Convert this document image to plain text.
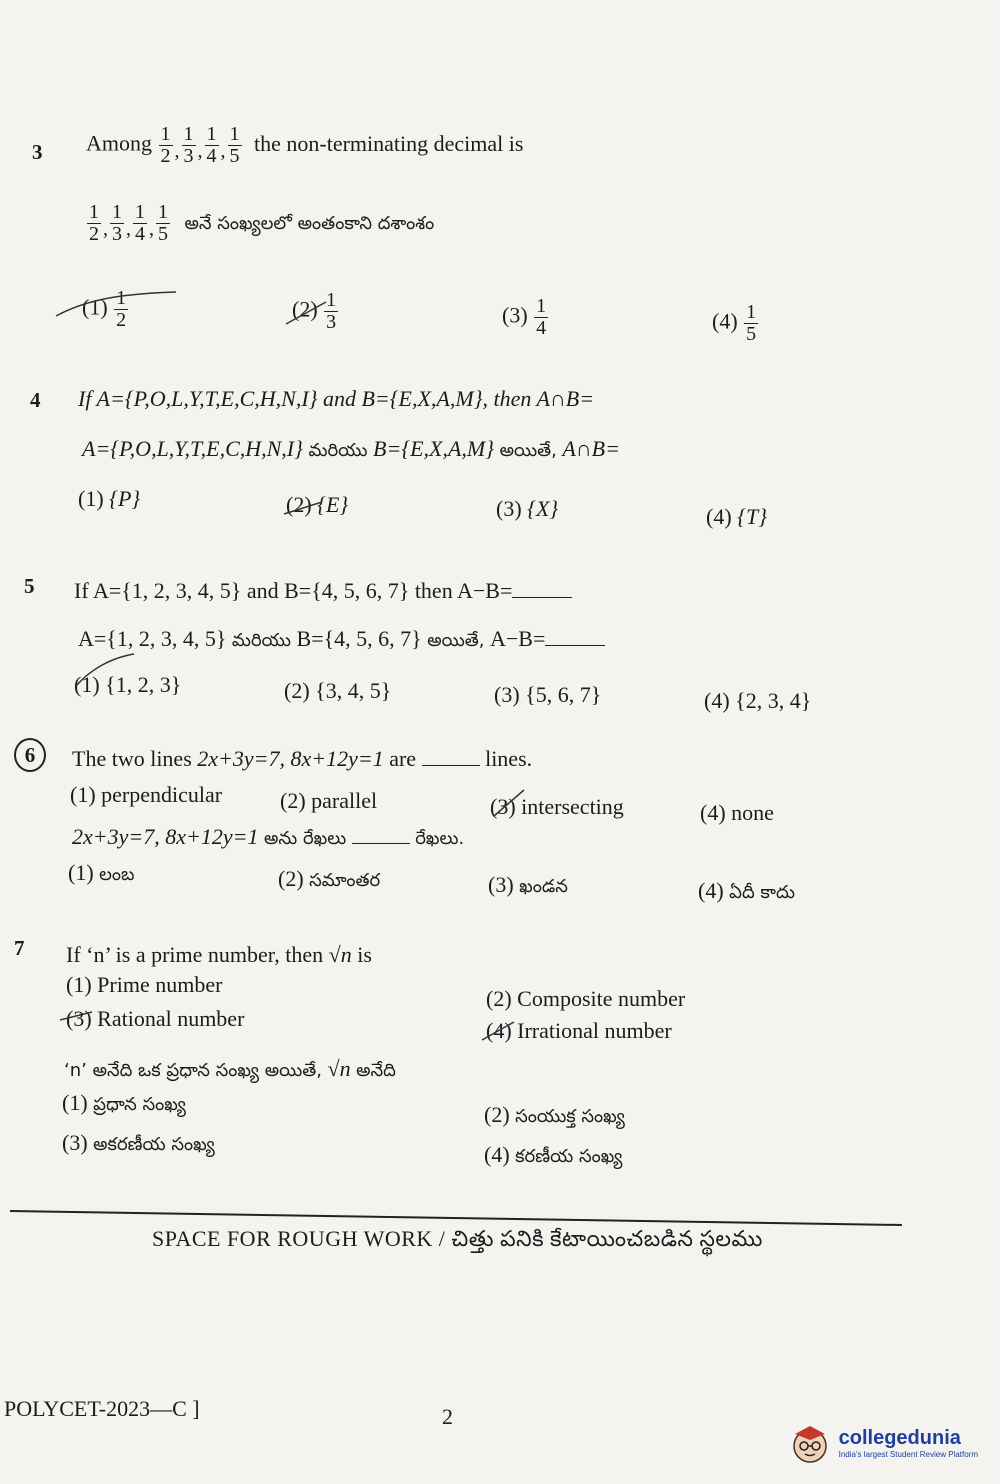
3 Among $\frac{1}{2}$ , $\frac{1}{3}$ , $\frac{1}{4}$ , $\frac{1}{5}$ the non-terminating decimal is
$\frac{1}{2}$ , $\frac{1}{3}$ , $\frac{1}{4}$ , $\frac{1}{5}$ అనే సంఖ్యలలో అంతంకాని దశాంశం
$(1) \frac{1}{2}$	$(2) \frac{1}{3}$	$(3) \frac{1}{4}$	$(4) \frac{1}{5}$
4 If A={P,O,L,Y,T,E,C,H,N,I} and B={E,X,A,M}, then A∩B=
A={P,O,L,Y,T,E,C,H,N,I} మరియు B={E,X,A,M} అయితే, A∩B=
(1) {P}	(2) {E}	(3) {X}	(4) {T}
5 If A={1, 2, 3, 4, 5} and B={4, 5, 6, 7} then A−B=
A={1, 2, 3, 4, 5} మరియు B={4, 5, 6, 7} అయితే, A−B=
(1) {1, 2, 3}	(2) {3, 4, 5}	(3) {5, 6, 7}	(4) {2, 3, 4}
6	The two lines 2x+3y=7, 8x+12y=1 are	lines.
(1) perpendicular	(2) parallel	(3) intersecting	(4) none
2x+3y=7, 8x+12y=1 అను రేఖలు	రేఖలు.
(1) లంబ	(2) సమాంతర	(3) ఖండన	(4) ఏదీ కాదు
7 If ‘n’ is a prime number, then √n is
(1) Prime number
(2) Composite number
(3) Rational number	(4) Irrational number
‘n’ అనేది ఒక ప్రధాన సంఖ్య అయితే, √n అనేది
(1) ప్రధాన సంఖ్య	(2) సంయుక్త సంఖ్య
(3) అకరణీయ సంఖ్య	(4) కరణీయ సంఖ్య
SPACE FOR ROUGH WORK / చిత్తు పనికి కేటాయించబడిన స్థలము
POLYCET-2023—C ]	2
collegedunia
India's largest Student Review Platform
